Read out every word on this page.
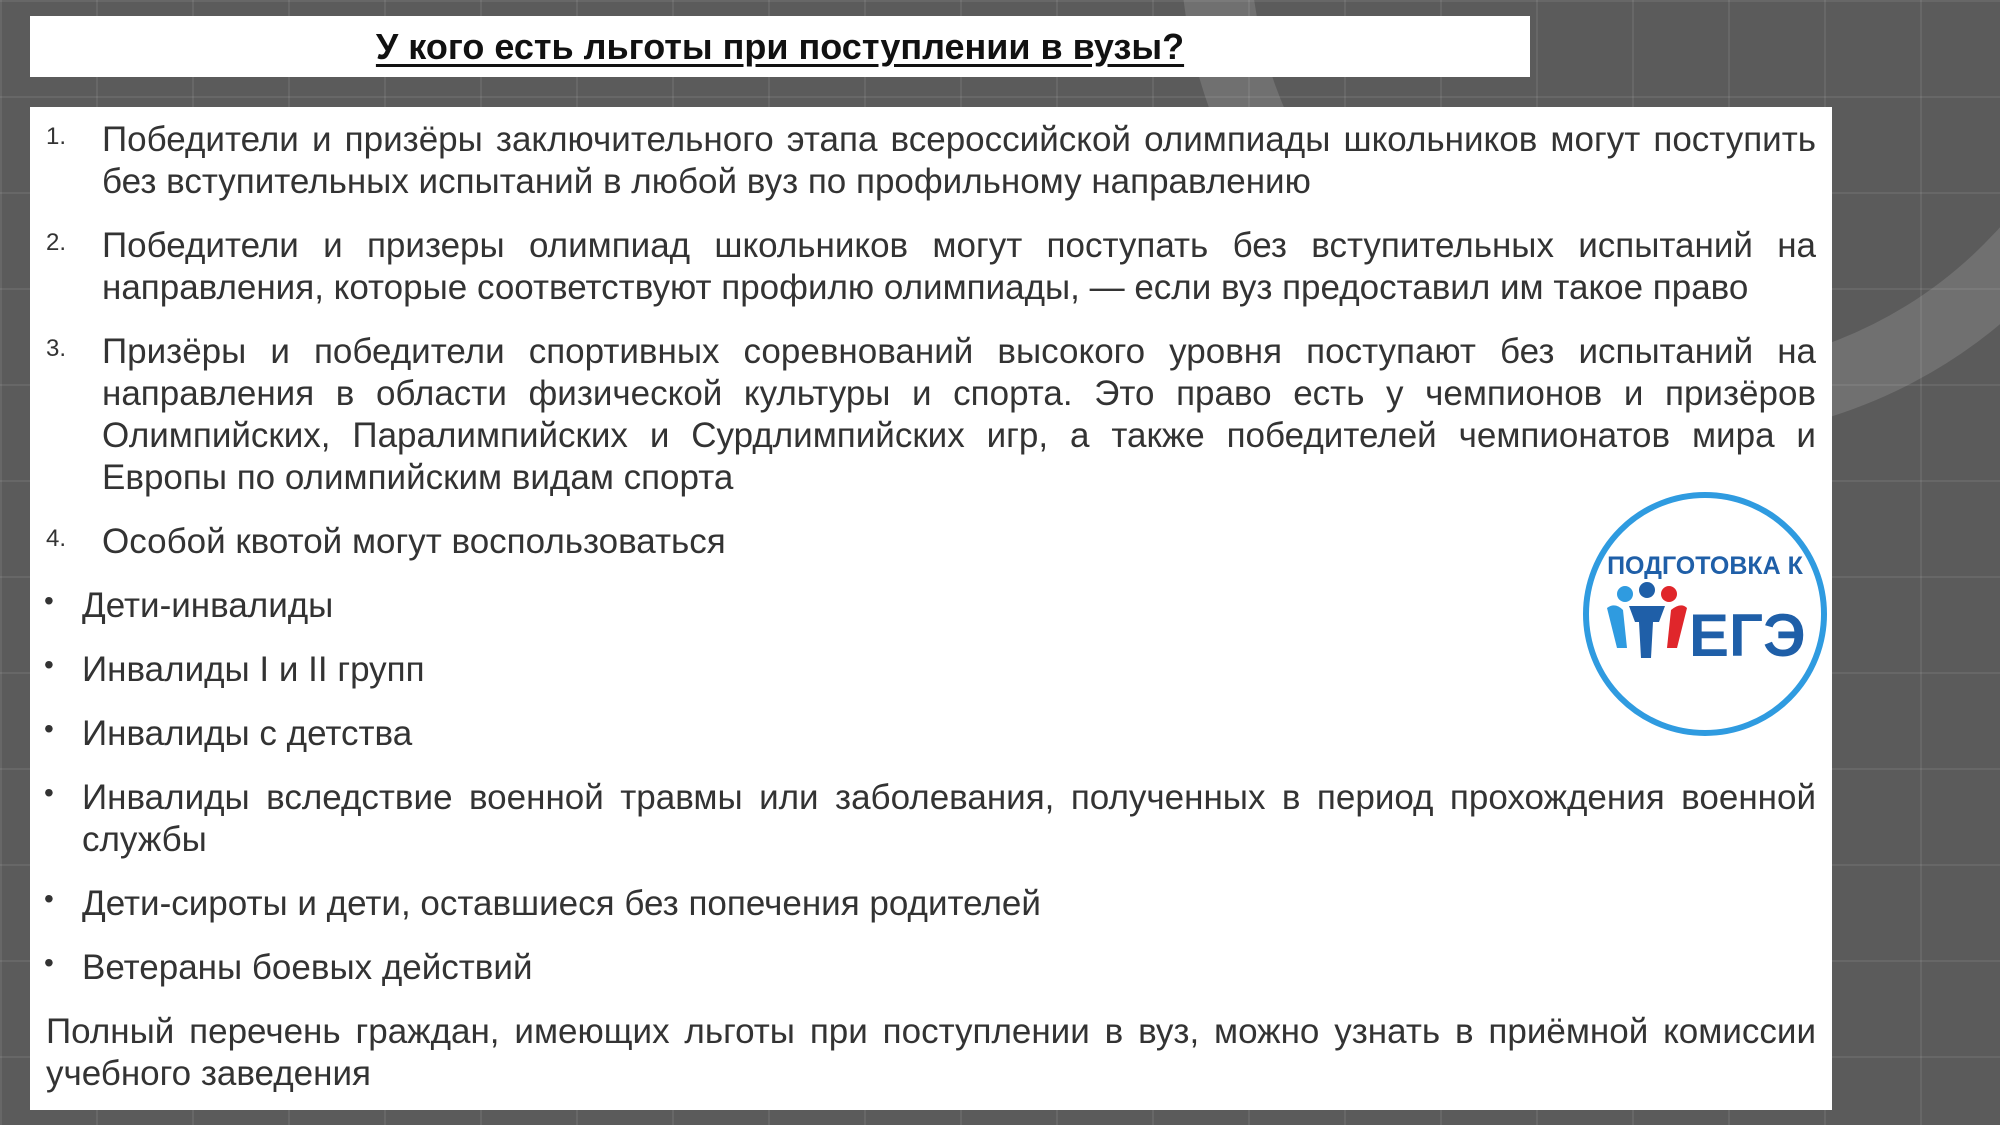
У кого есть льготы при поступлении в вузы?
1. Победители и призёры заключительного этапа всероссийской олимпиады школьников могут поступить без вступительных испытаний в любой вуз по профильному направлению
2. Победители и призеры олимпиад школьников могут поступать без вступительных испытаний на направления, которые соответствуют профилю олимпиады, — если вуз предоставил им такое право
3. Призёры и победители спортивных соревнований высокого уровня поступают без испытаний на направления в области физической культуры и спорта. Это право есть у чемпионов и призёров Олимпийских, Паралимпийских и Сурдлимпийских игр, а также победителей чемпионатов мира и Европы по олимпийским видам спорта
4. Особой квотой могут воспользоваться
• Дети-инвалиды
• Инвалиды I и II групп
• Инвалиды с детства
• Инвалиды вследствие военной травмы или заболевания, полученных в период прохождения военной службы
• Дети-сироты и дети, оставшиеся без попечения родителей
• Ветераны боевых действий
Полный перечень граждан, имеющих льготы при поступлении в вуз, можно узнать в приёмной комиссии учебного заведения
ПОДГОТОВКА К
ЕГЭ
